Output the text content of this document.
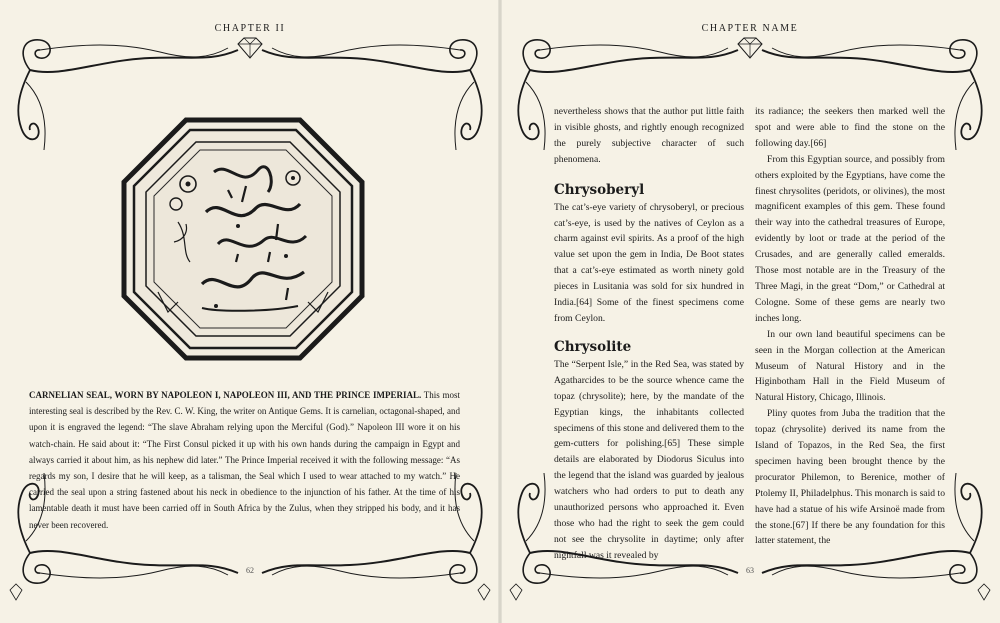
CHAPTER II
CARNELIAN SEAL, WORN BY NAPOLEON I, NAPOLEON III, AND THE PRINCE IMPERIAL. This most interesting seal is described by the Rev. C. W. King, the writer on Antique Gems. It is carnelian, octagonal-shaped, and upon it is engraved the legend: “The slave Abraham relying upon the Merciful (God).” Napoleon III wore it on his watch-chain. He said about it: “The First Consul picked it up with his own hands during the campaign in Egypt and always carried it about him, as his nephew did later.” The Prince Imperial received it with the following message: “As regards my son, I desire that he will keep, as a talisman, the Seal which I used to wear attached to my watch.” He carried the seal upon a string fastened about his neck in obedience to the injunction of his father. At the time of his lamentable death it must have been carried off in South Africa by the Zulus, when they stripped his body, and it has never been recovered.
62
CHAPTER NAME

nevertheless shows that the author put little faith in visible ghosts, and rightly enough recognized the purely subjective character of such phenomena.

Chrysoberyl

The cat’s-eye variety of chrysoberyl, or precious cat’s-eye, is used by the natives of Ceylon as a charm against evil spirits. As a proof of the high value set upon the gem in India, De Boot states that a cat’s-eye estimated as worth ninety gold pieces in Lusitania was sold for six hundred in India.[64] Some of the finest specimens come from Ceylon.

Chrysolite

The “Serpent Isle,” in the Red Sea, was stated by Agatharcides to be the source whence came the topaz (chrysolite); here, by the mandate of the Egyptian kings, the inhabitants collected specimens of this stone and delivered them to the gem-cutters for polishing.[65] These simple details are elaborated by Diodorus Siculus into the legend that the island was guarded by jealous watchers who had orders to put to death any unauthorized persons who approached it. Even those who had the right to seek the gem could not see the chrysolite in daytime; only after nightfall was it revealed by

its radiance; the seekers then marked well the spot and were able to find the stone on the following day.[66]

From this Egyptian source, and possibly from others exploited by the Egyptians, have come the finest chrysolites (peridots, or olivines), the most magnificent examples of this gem. These found their way into the cathedral treasures of Europe, evidently by loot or trade at the period of the Crusades, and are generally called emeralds. Those most notable are in the Treasury of the Three Magi, in the great “Dom,” or Cathedral at Cologne. Some of these gems are nearly two inches long.

In our own land beautiful specimens can be seen in the Morgan collection at the American Museum of Natural History and in the Higinbotham Hall in the Field Museum of Natural History, Chicago, Illinois.

Pliny quotes from Juba the tradition that the topaz (chrysolite) derived its name from the Island of Topazos, in the Red Sea, the first specimen having been brought thence by the procurator Philemon, to Berenice, mother of Ptolemy II, Philadelphus. This monarch is said to have had a statue of his wife Arsinoë made from the stone.[67] If there be any foundation for this latter statement, the

63
